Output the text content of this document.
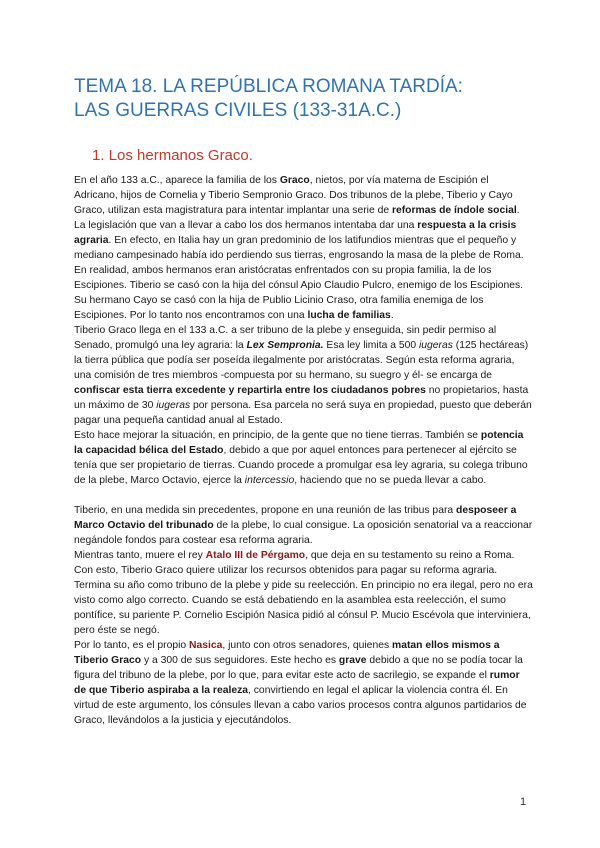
TEMA 18. LA REPÚBLICA ROMANA TARDÍA:
LAS GUERRAS CIVILES (133-31A.C.)
1. Los hermanos Graco.

En el año 133 a.C., aparece la familia de los Graco, nietos, por vía materna de Escipión el Adricano, hijos de Cornelia y Tiberio Sempronio Graco. Dos tribunos de la plebe, Tiberio y Cayo Graco, utilizan esta magistratura para intentar implantar una serie de reformas de índole social.

La legislación que van a llevar a cabo los dos hermanos intentaba dar una respuesta a la crisis agraria. En efecto, en Italia hay un gran predominio de los latifundios mientras que el pequeño y mediano campesinado había ido perdiendo sus tierras, engrosando la masa de la plebe de Roma. En realidad, ambos hermanos eran aristócratas enfrentados con su propia familia, la de los Escipiones. Tiberio se casó con la hija del cónsul Apio Claudio Pulcro, enemigo de los Escipiones. Su hermano Cayo se casó con la hija de Publio Licinio Craso, otra familia enemiga de los Escipiones. Por lo tanto nos encontramos con una lucha de familias.

Tiberio Graco llega en el 133 a.C. a ser tribuno de la plebe y enseguida, sin pedir permiso al Senado, promulgó una ley agraria: la Lex Sempronia. Esa ley limita a 500 iugeras (125 hectáreas) la tierra pública que podía ser poseída ilegalmente por aristócratas. Según esta reforma agraria, una comisión de tres miembros -compuesta por su hermano, su suegro y él- se encarga de confiscar esta tierra excedente y repartirla entre los ciudadanos pobres no propietarios, hasta un máximo de 30 iugeras por persona. Esa parcela no será suya en propiedad, puesto que deberán pagar una pequeña cantidad anual al Estado.

Esto hace mejorar la situación, en principio, de la gente que no tiene tierras. También se potencia la capacidad bélica del Estado, debido a que por aquel entonces para pertenecer al ejército se tenía que ser propietario de tierras. Cuando procede a promulgar esa ley agraria, su colega tribuno de la plebe, Marco Octavio, ejerce la intercessio, haciendo que no se pueda llevar a cabo.

Tiberio, en una medida sin precedentes, propone en una reunión de las tribus para desposeer a Marco Octavio del tribunado de la plebe, lo cual consigue. La oposición senatorial va a reaccionar negándole fondos para costear esa reforma agraria.

Mientras tanto, muere el rey Atalo III de Pérgamo, que deja en su testamento su reino a Roma. Con esto, Tiberio Graco quiere utilizar los recursos obtenidos para pagar su reforma agraria. Termina su año como tribuno de la plebe y pide su reelección. En principio no era ilegal, pero no era visto como algo correcto. Cuando se está debatiendo en la asamblea esta reelección, el sumo pontífice, su pariente P. Cornelio Escipión Nasica pidió al cónsul P. Mucio Escévola que interviniera, pero éste se negó.

Por lo tanto, es el propio Nasica, junto con otros senadores, quienes matan ellos mismos a Tiberio Graco y a 300 de sus seguidores. Este hecho es grave debido a que no se podía tocar la figura del tribuno de la plebe, por lo que, para evitar este acto de sacrilegio, se expande el rumor de que Tiberio aspiraba a la realeza, convirtiendo en legal el aplicar la violencia contra él. En virtud de este argumento, los cónsules llevan a cabo varios procesos contra algunos partidarios de Graco, llevándolos a la justicia y ejecutándolos.

1
